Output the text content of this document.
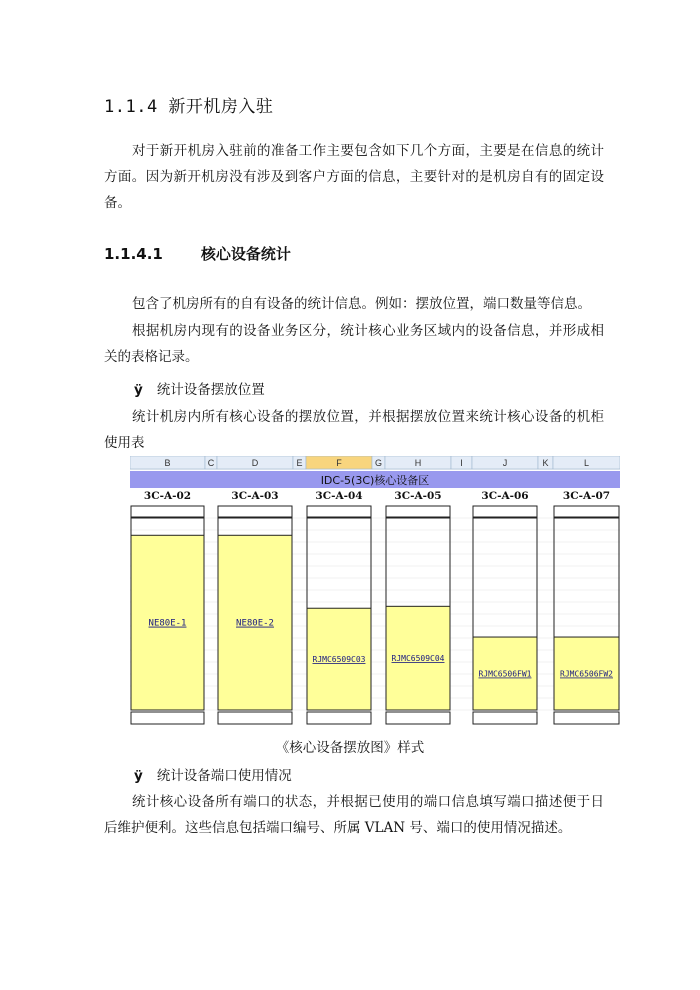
1.1.4 新开机房入驻
对于新开机房入驻前的准备工作主要包含如下几个方面，主要是在信息的统计方面。因为新开机房没有涉及到客户方面的信息，主要针对的是机房自有的固定设备。
1.1.4.1	核心设备统计
包含了机房所有的自有设备的统计信息。例如：摆放位置，端口数量等信息。
根据机房内现有的设备业务区分，统计核心业务区域内的设备信息，并形成相关的表格记录。
ÿ 统计设备摆放位置
统计机房内所有核心设备的摆放位置，并根据摆放位置来统计核心设备的机柜使用表
B	C	D	E	F	G	H	I	J	K	L
IDC-5(3C)核心设备区
3C-A-02
NE80E-1
3C-A-03
NE80E-2
3C-A-04
RJMC6509C03
3C-A-05
RJMC6509C04
3C-A-06
RJMC6506FW1
3C-A-07
RJMC6506FW2
《核心设备摆放图》样式
ÿ 统计设备端口使用情况
统计核心设备所有端口的状态，并根据已使用的端口信息填写端口描述便于日后维护便利。这些信息包括端口编号、所属 VLAN 号、端口的使用情况描述。
